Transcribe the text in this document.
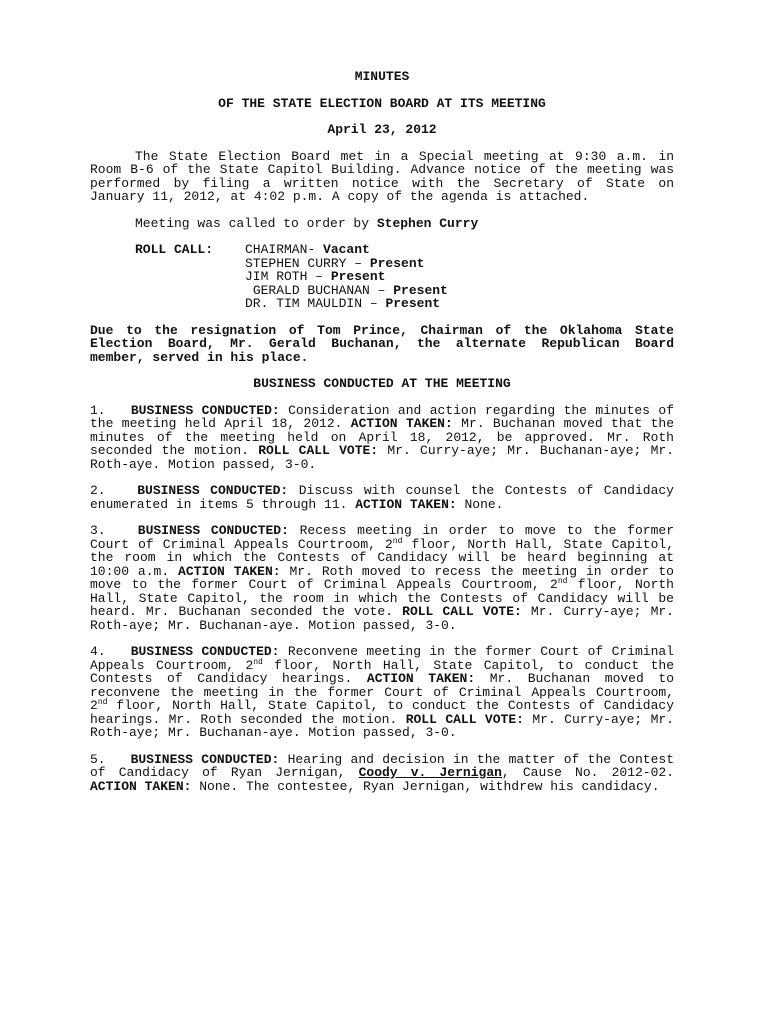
MINUTES
OF THE STATE ELECTION BOARD AT ITS MEETING
April 23, 2012

The State Election Board met in a Special meeting at 9:30 a.m. in Room B-6 of the State Capitol Building. Advance notice of the meeting was performed by filing a written notice with the Secretary of State on January 11, 2012, at 4:02 p.m. A copy of the agenda is attached.

Meeting was called to order by Stephen Curry

ROLL CALL:	CHAIRMAN- Vacant
STEPHEN CURRY – Present
JIM ROTH – Present
GERALD BUCHANAN – Present
DR. TIM MAULDIN – Present

Due to the resignation of Tom Prince, Chairman of the Oklahoma State Election Board, Mr. Gerald Buchanan, the alternate Republican Board member, served in his place.

BUSINESS CONDUCTED AT THE MEETING

1. BUSINESS CONDUCTED: Consideration and action regarding the minutes of the meeting held April 18, 2012. ACTION TAKEN: Mr. Buchanan moved that the minutes of the meeting held on April 18, 2012, be approved. Mr. Roth seconded the motion. ROLL CALL VOTE: Mr. Curry-aye; Mr. Buchanan-aye; Mr. Roth-aye. Motion passed, 3-0.

2. BUSINESS CONDUCTED: Discuss with counsel the Contests of Candidacy enumerated in items 5 through 11. ACTION TAKEN: None.

3. BUSINESS CONDUCTED: Recess meeting in order to move to the former Court of Criminal Appeals Courtroom, 2nd floor, North Hall, State Capitol, the room in which the Contests of Candidacy will be heard beginning at 10:00 a.m. ACTION TAKEN: Mr. Roth moved to recess the meeting in order to move to the former Court of Criminal Appeals Courtroom, 2nd floor, North Hall, State Capitol, the room in which the Contests of Candidacy will be heard. Mr. Buchanan seconded the vote. ROLL CALL VOTE: Mr. Curry-aye; Mr. Roth-aye; Mr. Buchanan-aye. Motion passed, 3-0.

4. BUSINESS CONDUCTED: Reconvene meeting in the former Court of Criminal Appeals Courtroom, 2nd floor, North Hall, State Capitol, to conduct the Contests of Candidacy hearings. ACTION TAKEN: Mr. Buchanan moved to reconvene the meeting in the former Court of Criminal Appeals Courtroom, 2nd floor, North Hall, State Capitol, to conduct the Contests of Candidacy hearings. Mr. Roth seconded the motion. ROLL CALL VOTE: Mr. Curry-aye; Mr. Roth-aye; Mr. Buchanan-aye. Motion passed, 3-0.

5. BUSINESS CONDUCTED: Hearing and decision in the matter of the Contest of Candidacy of Ryan Jernigan, Coody v. Jernigan, Cause No. 2012-02. ACTION TAKEN: None. The contestee, Ryan Jernigan, withdrew his candidacy.
